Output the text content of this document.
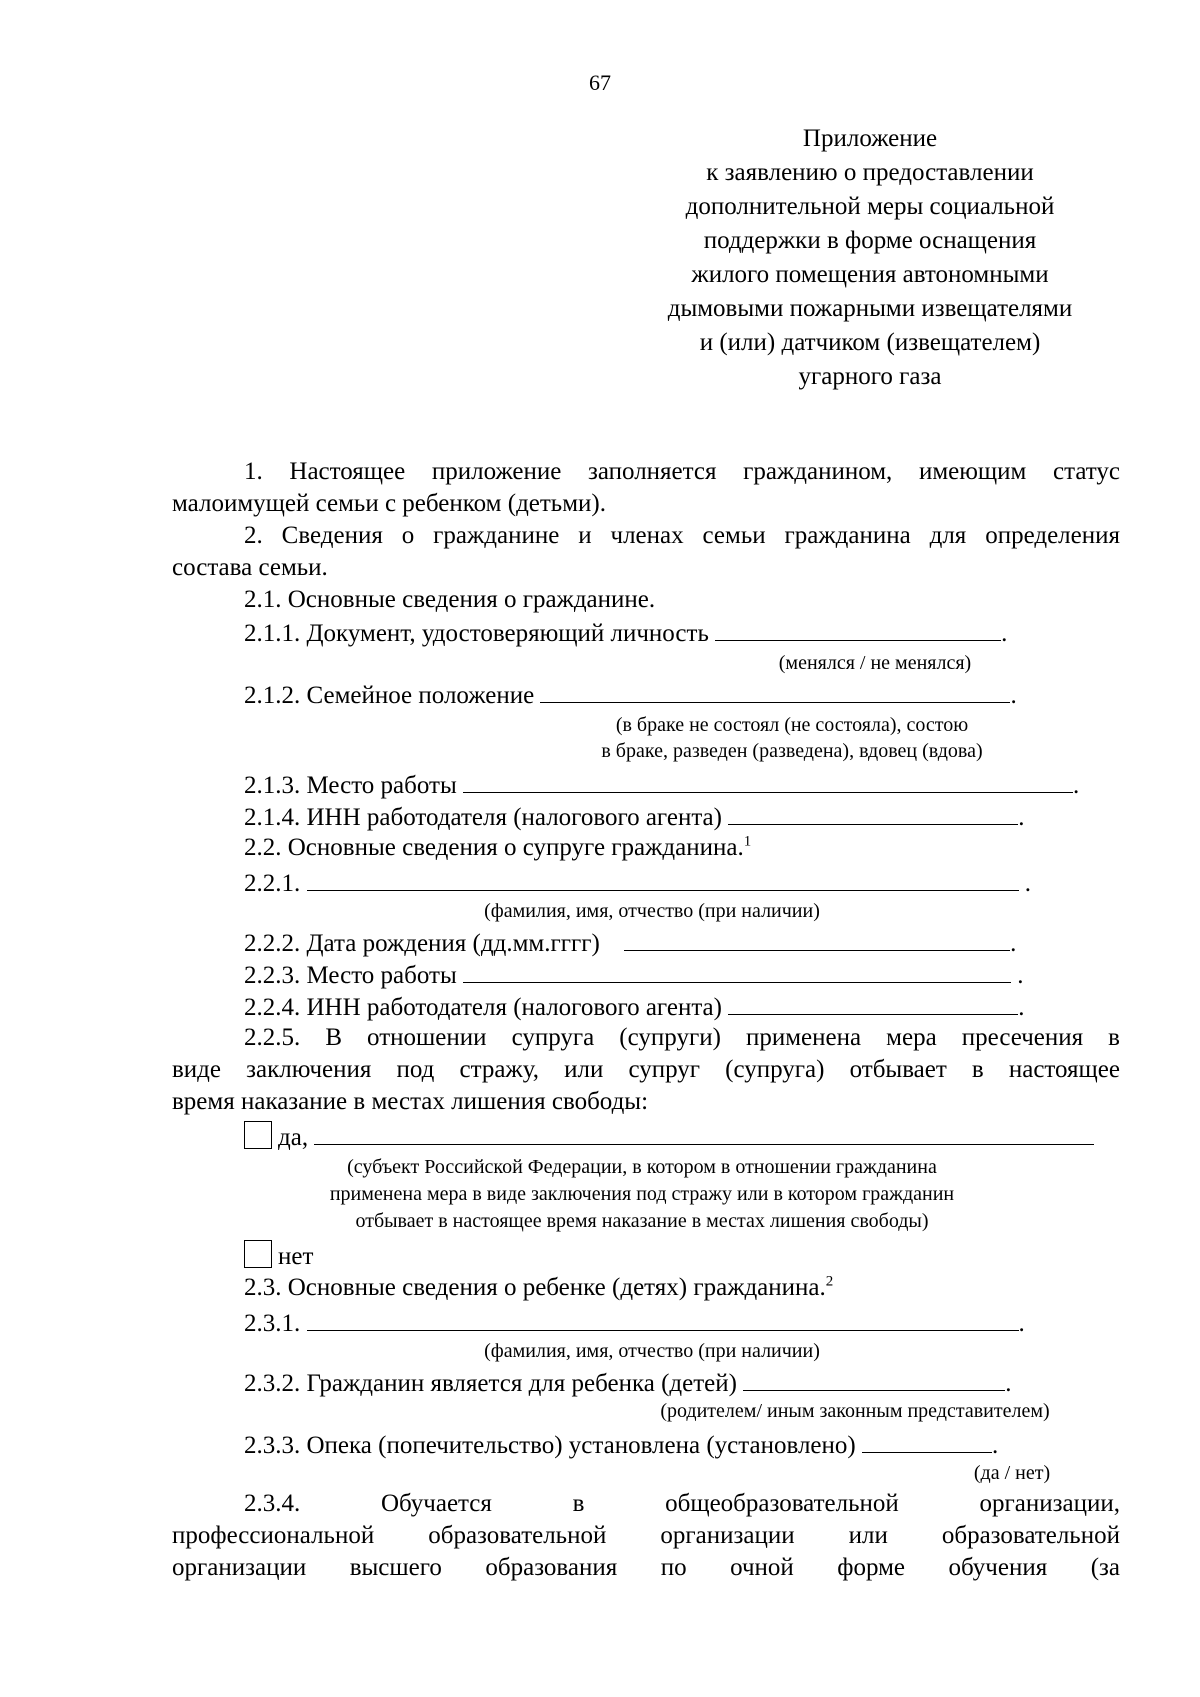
67
Приложение
к заявлению о предоставлении
дополнительной меры социальной
поддержки в форме оснащения
жилого помещения автономными
дымовыми пожарными извещателями
и (или) датчиком (извещателем)
угарного газа
1. Настоящее приложение заполняется гражданином, имеющим статус
малоимущей семьи с ребенком (детьми).
2. Сведения о гражданине и членах семьи гражданина для определения
состава семьи.
2.1. Основные сведения о гражданине.
2.1.1. Документ, удостоверяющий личность	.
(менялся / не менялся)
2.1.2. Семейное положение	.
(в браке не состоял (не состояла), состою
в браке, разведен (разведена), вдовец (вдова)
2.1.3. Место работы	.
2.1.4. ИНН работодателя (налогового агента)	.
2.2. Основные сведения о супруге гражданина.$^1$
2.2.1.	.
(фамилия, имя, отчество (при наличии)
2.2.2. Дата рождения (дд.мм.гггг)	.
2.2.3. Место работы	.
2.2.4. ИНН работодателя (налогового агента)	.
2.2.5. В отношении супруга (супруги) применена мера пресечения в
виде заключения под стражу, или супруг (супруга) отбывает в настоящее
время наказание в местах лишения свободы:
да,
(субъект Российской Федерации, в котором в отношении гражданина
применена мера в виде заключения под стражу или в котором гражданин
отбывает в настоящее время наказание в местах лишения свободы)
нет
2.3. Основные сведения о ребенке (детях) гражданина.$^2$
2.3.1.	.
(фамилия, имя, отчество (при наличии)
2.3.2. Гражданин является для ребенка (детей)	.
(родителем/ иным законным представителем)
2.3.3. Опека (попечительство) установлена (установлено)	.
(да / нет)
2.3.4.	Обучается	в	общеобразовательной	организации,
профессиональной образовательной организации или образовательной
организации высшего образования по очной форме обучения (за
